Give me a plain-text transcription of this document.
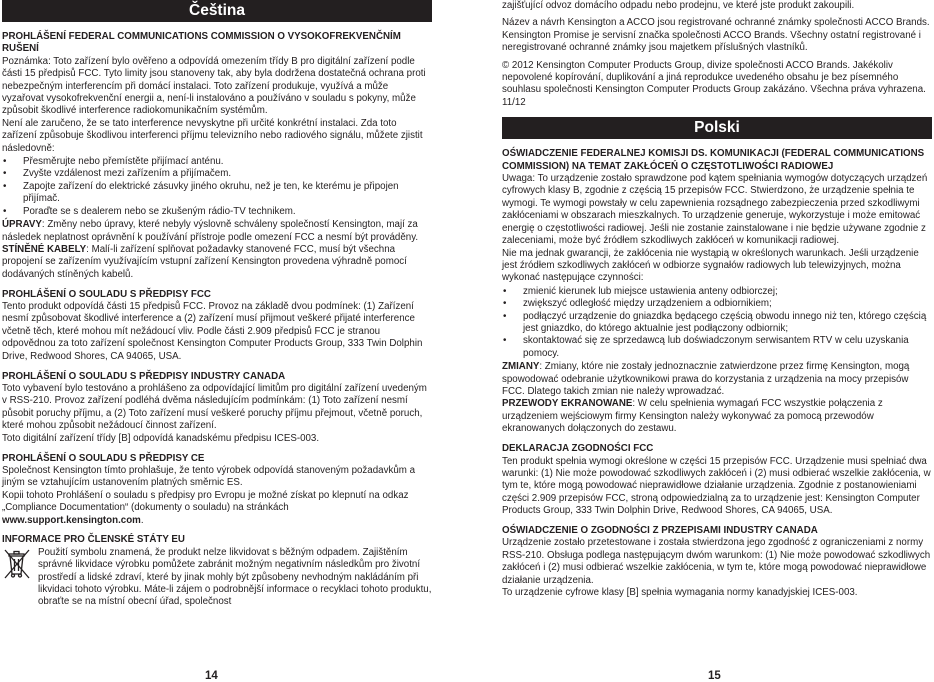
Čeština
PROHLÁŠENÍ FEDERAL COMMUNICATIONS COMMISSION O VYSOKOFREKVENČNÍM RUŠENÍ
Poznámka: Toto zařízení bylo ověřeno a odpovídá omezením třídy B pro digitální zařízení podle části 15 předpisů FCC. Tyto limity jsou stanoveny tak, aby byla dodržena dostatečná ochrana proti nebezpečným interferencím při domácí instalaci. Toto zařízení produkuje, využívá a může vyzařovat vysokofrekvenční energii a, není-li instalováno a používáno v souladu s pokyny, může způsobit škodlivé interference radiokomunikačním systémům.
Není ale zaručeno, že se tato interference nevyskytne při určité konkrétní instalaci. Zda toto zařízení způsobuje škodlivou interferenci příjmu televizního nebo radiového signálu, můžete zjistit následovně:
• Přesměrujte nebo přemístěte přijímací anténu.
• Zvyšte vzdálenost mezi zařízením a přijímačem.
• Zapojte zařízení do elektrické zásuvky jiného okruhu, než je ten, ke kterému je připojen přijímač.
• Poraďte se s dealerem nebo se zkušeným rádio-TV technikem.
ÚPRAVY: Změny nebo úpravy, které nebyly výslovně schváleny společností Kensington, mají za následek neplatnost oprávnění k používání přístroje podle omezení FCC a nesmí být prováděny.
STÍNĚNÉ KABELY: Malí-li zařízení splňovat požadavky stanovené FCC, musí být všechna propojení se zařízením využívajícím vstupní zařízení Kensington provedena výhradně pomocí dodávaných stíněných kabelů.
PROHLÁŠENÍ O SOULADU S PŘEDPISY FCC
Tento produkt odpovídá části 15 předpisů FCC. Provoz na základě dvou podmínek: (1) Zařízení nesmí způsobovat škodlivé interference a (2) zařízení musí přijmout veškeré přijaté interference včetně těch, které mohou mít nežádoucí vliv. Podle části 2.909 předpisů FCC je stranou odpovědnou za toto zařízení společnost Kensington Computer Products Group, 333 Twin Dolphin Drive, Redwood Shores, CA 94065, USA.
PROHLÁŠENÍ O SOULADU S PŘEDPISY INDUSTRY CANADA
Toto vybavení bylo testováno a prohlášeno za odpovídající limitům pro digitální zařízení uvedeným v RSS-210. Provoz zařízení podléhá dvěma následujícím podmínkám: (1) Toto zařízení nesmí působit poruchy příjmu, a (2) Toto zařízení musí veškeré poruchy příjmu přejmout, včetně poruch, které mohou způsobit nežádoucí činnost zařízení.
Toto digitální zařízení třídy [B] odpovídá kanadskému předpisu ICES-003.
PROHLÁŠENÍ O SOULADU S PŘEDPISY CE
Společnost Kensington tímto prohlašuje, že tento výrobek odpovídá stanoveným požadavkům a jiným se vztahujícím ustanovením platných směrnic ES.
Kopii tohoto Prohlášení o souladu s předpisy pro Evropu je možné získat po klepnutí na odkaz „Compliance Documentation“ (dokumenty o souladu) na stránkách www.support.kensington.com.
INFORMACE PRO ČLENSKÉ STÁTY EU
Použití symbolu znamená, že produkt nelze likvidovat s běžným odpadem. Zajištěním správné likvidace výrobku pomůžete zabránit možným negativním následkům pro životní prostředí a lidské zdraví, které by jinak mohly být způsobeny nevhodným nakládáním při likvidaci tohoto výrobku. Máte-li zájem o podrobnější informace o recyklaci tohoto produktu, obraťte se na místní obecní úřad, společnost
14
zajišťující odvoz domácího odpadu nebo prodejnu, ve které jste produkt zakoupili.
Název a návrh Kensington a ACCO jsou registrované ochranné známky společnosti ACCO Brands. Kensington Promise je servisní značka společnosti ACCO Brands. Všechny ostatní registrované i neregistrované ochranné známky jsou majetkem příslušných vlastníků.
© 2012 Kensington Computer Products Group, divize společnosti ACCO Brands. Jakékoliv nepovolené kopírování, duplikování a jiná reprodukce uvedeného obsahu je bez písemného souhlasu společnosti Kensington Computer Products Group zakázáno. Všechna práva vyhrazena. 11/12
Polski
OŚWIADCZENIE FEDERALNEJ KOMISJI DS. KOMUNIKACJI (FEDERAL COMMUNICATIONS COMMISSION) NA TEMAT ZAKŁÓCEŃ O CZĘSTOTLIWOŚCI RADIOWEJ
Uwaga: To urządzenie zostało sprawdzone pod kątem spełniania wymogów dotyczących urządzeń cyfrowych klasy B, zgodnie z częścią 15 przepisów FCC. Stwierdzono, że urządzenie spełnia te wymogi. Te wymogi powstały w celu zapewnienia rozsądnego zabezpieczenia przed szkodliwymi zakłóceniami w obszarach mieszkalnych. To urządzenie generuje, wykorzystuje i może emitować energię o częstotliwości radiowej. Jeśli nie zostanie zainstalowane i nie będzie używane zgodnie z zaleceniami, może być źródłem szkodliwych zakłóceń w komunikacji radiowej.
Nie ma jednak gwarancji, że zakłócenia nie wystąpią w określonych warunkach. Jeśli urządzenie jest źródłem szkodliwych zakłóceń w odbiorze sygnałów radiowych lub telewizyjnych, można wykonać następujące czynności:
• zmienić kierunek lub miejsce ustawienia anteny odbiorczej;
• zwiększyć odległość między urządzeniem a odbiornikiem;
• podłączyć urządzenie do gniazdka będącego częścią obwodu innego niż ten, którego częścią jest gniazdko, do którego aktualnie jest podłączony odbiornik;
• skontaktować się ze sprzedawcą lub doświadczonym serwisantem RTV w celu uzyskania pomocy.
ZMIANY: Zmiany, które nie zostały jednoznacznie zatwierdzone przez firmę Kensington, mogą spowodować odebranie użytkownikowi prawa do korzystania z urządzenia na mocy przepisów FCC. Dlatego takich zmian nie należy wprowadzać.
PRZEWODY EKRANOWANE: W celu spełnienia wymagań FCC wszystkie połączenia z urządzeniem wejściowym firmy Kensington należy wykonywać za pomocą przewodów ekranowanych dołączonych do zestawu.
DEKLARACJA ZGODNOŚCI FCC
Ten produkt spełnia wymogi określone w części 15 przepisów FCC. Urządzenie musi spełniać dwa warunki: (1) Nie może powodować szkodliwych zakłóceń i (2) musi odbierać wszelkie zakłócenia, w tym te, które mogą powodować nieprawidłowe działanie urządzenia. Zgodnie z postanowieniami części 2.909 przepisów FCC, stroną odpowiedzialną za to urządzenie jest: Kensington Computer Products Group, 333 Twin Dolphin Drive, Redwood Shores, CA 94065, USA.
OŚWIADCZENIE O ZGODNOŚCI Z PRZEPISAMI INDUSTRY CANADA
Urządzenie zostało przetestowane i została stwierdzona jego zgodność z ograniczeniami z normy RSS-210. Obsługa podlega następującym dwóm warunkom: (1) Nie może powodować szkodliwych zakłóceń i (2) musi odbierać wszelkie zakłócenia, w tym te, które mogą powodować nieprawidłowe działanie urządzenia.
To urządzenie cyfrowe klasy [B] spełnia wymagania normy kanadyjskiej ICES-003.
15
